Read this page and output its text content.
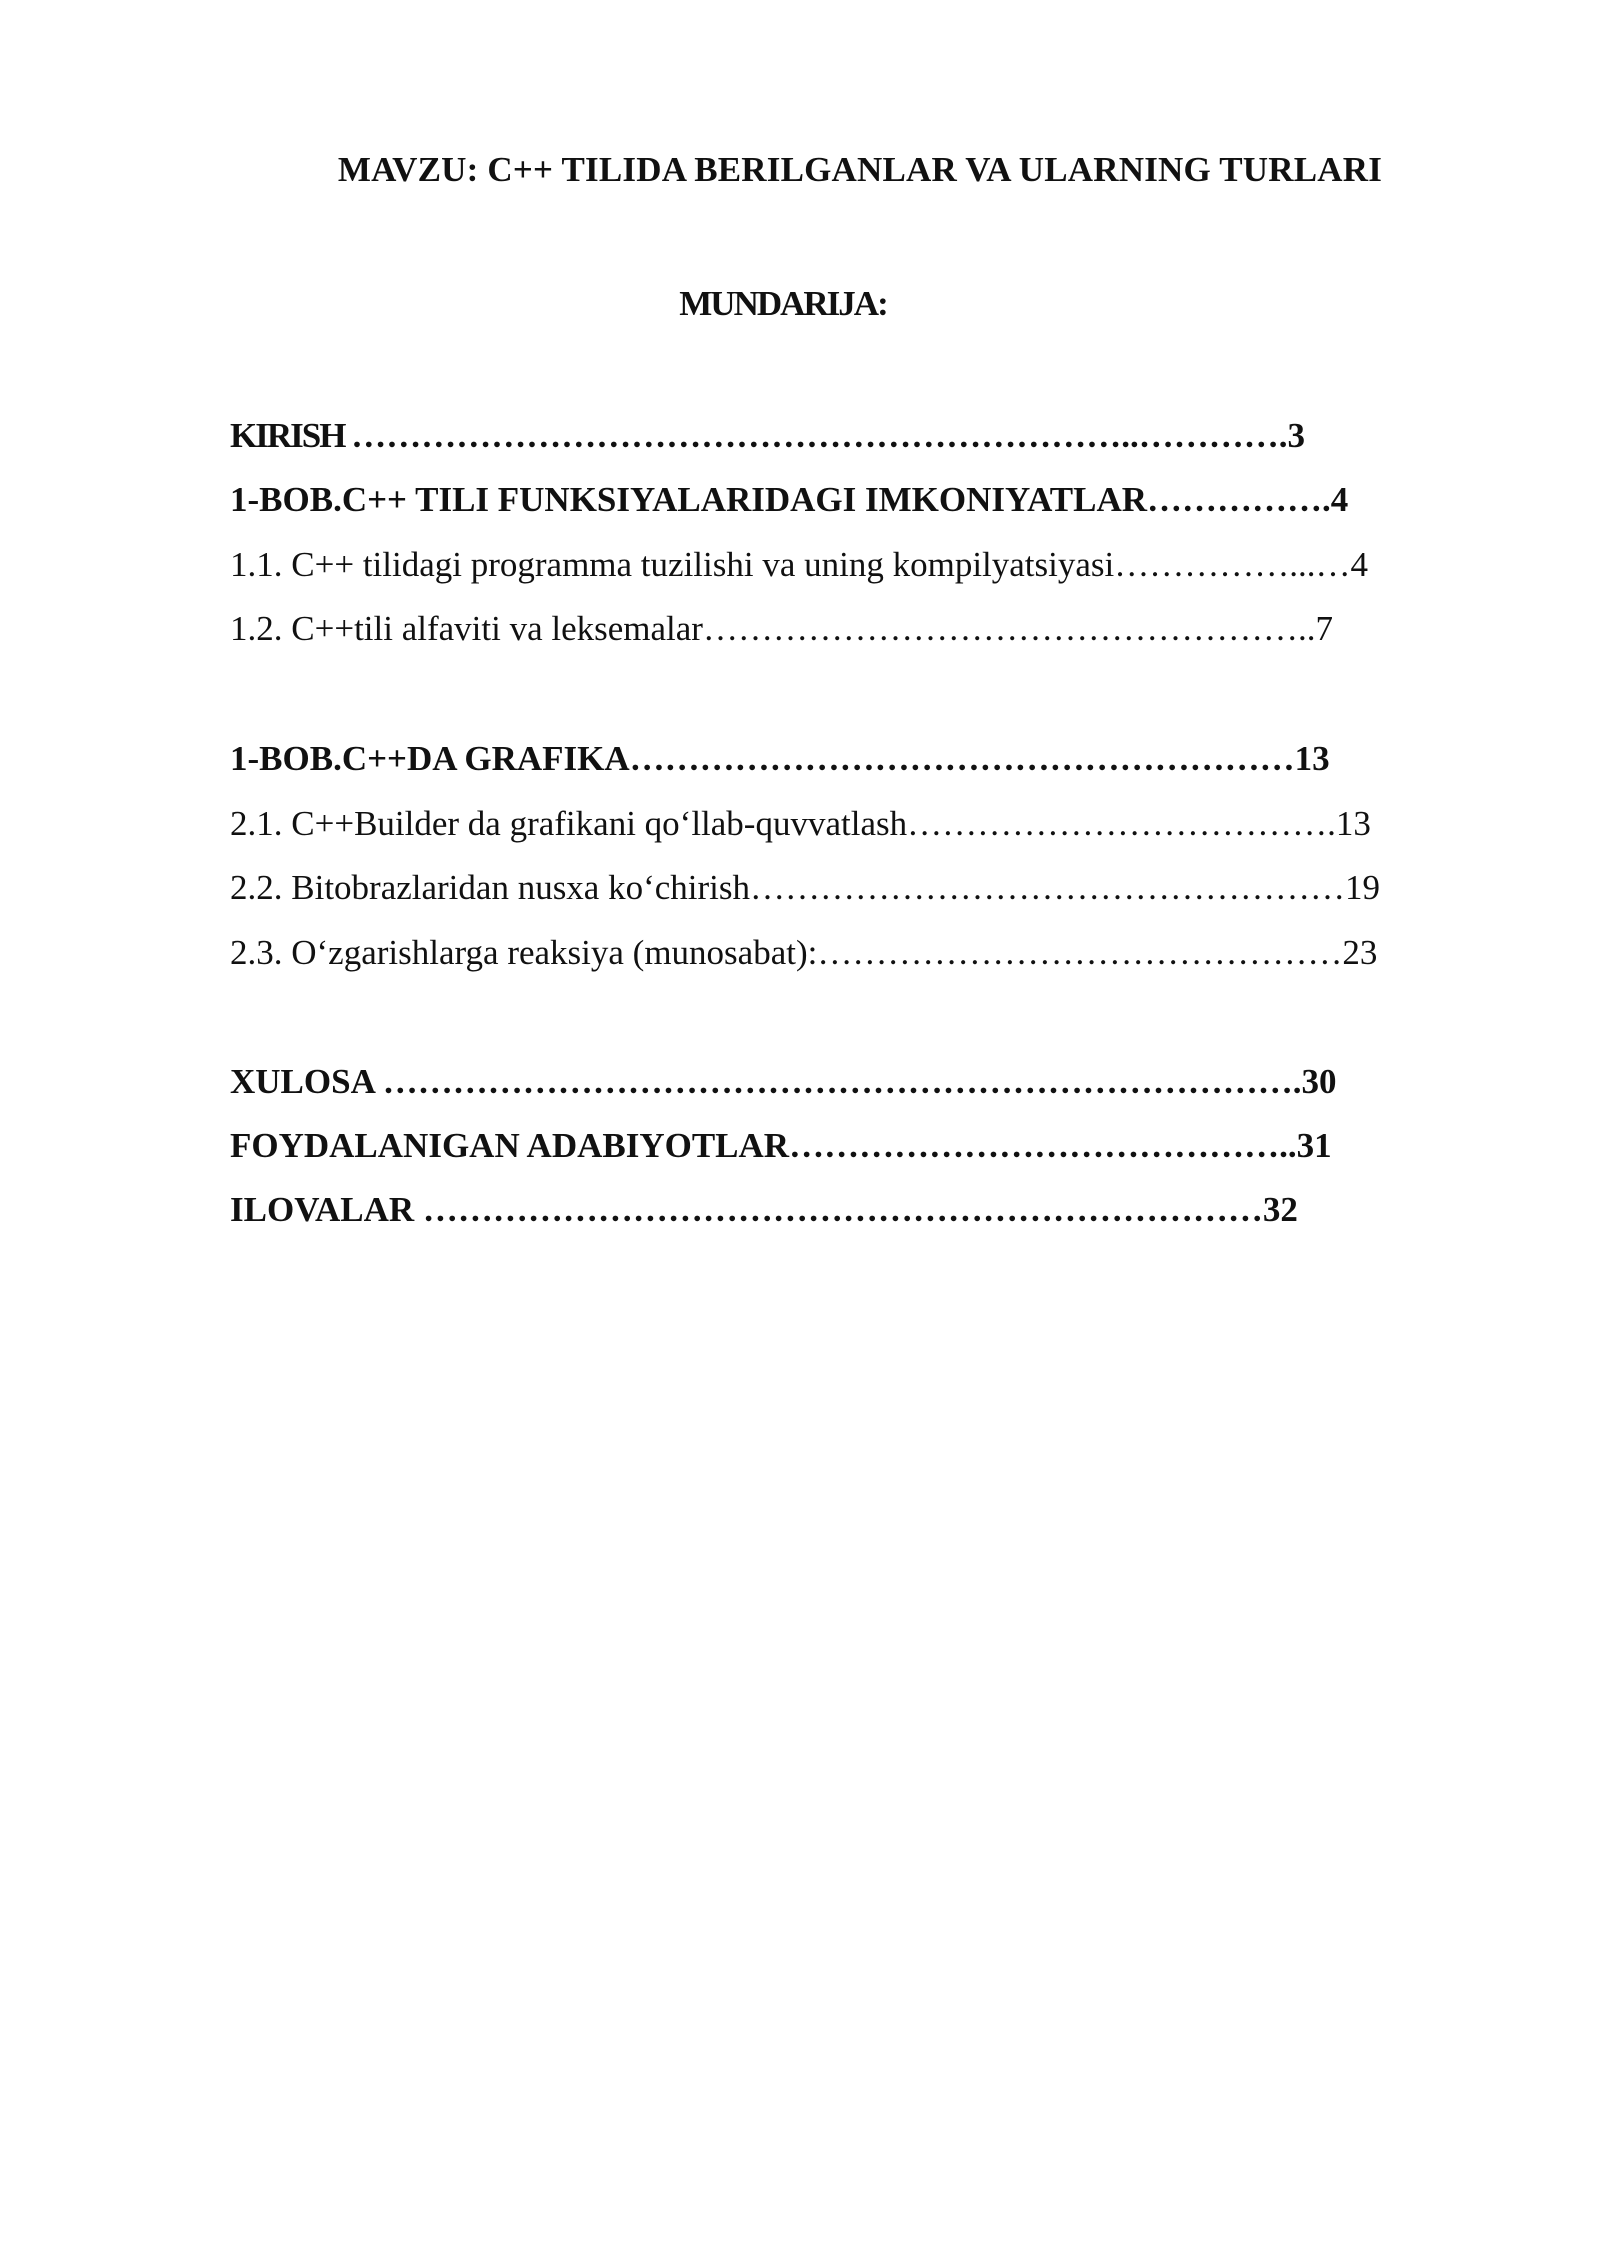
MAVZU: C++ TILIDA BERILGANLAR VA ULARNING TURLARI
MUNDARIJA:
KIRISH …………………………………………………………..………….3
1-BOB.C++ TILI FUNKSIYALARIDAGI IMKONIYATLAR…………….4
1.1. C++ tilidagi programma tuzilishi va uning kompilyatsiyasi……………...…4
1.2. C++tili alfaviti va leksemalar……………………………………………..7
1-BOB.C++DA GRAFIKA…………………………………………………13
2.1. C++Builder da grafikani qo‘llab-quvvatlash……………………………….13
2.2. Bitobrazlaridan nusxa ko‘chirish……………………………………………19
2.3. O‘zgarishlarga reaksiya (munosabat):………………………………………23
XULOSA …………………………………………………………………….30
FOYDALANIGAN ADABIYOTLAR……………………………………..31
ILOVALAR ………………………………………………………………32
